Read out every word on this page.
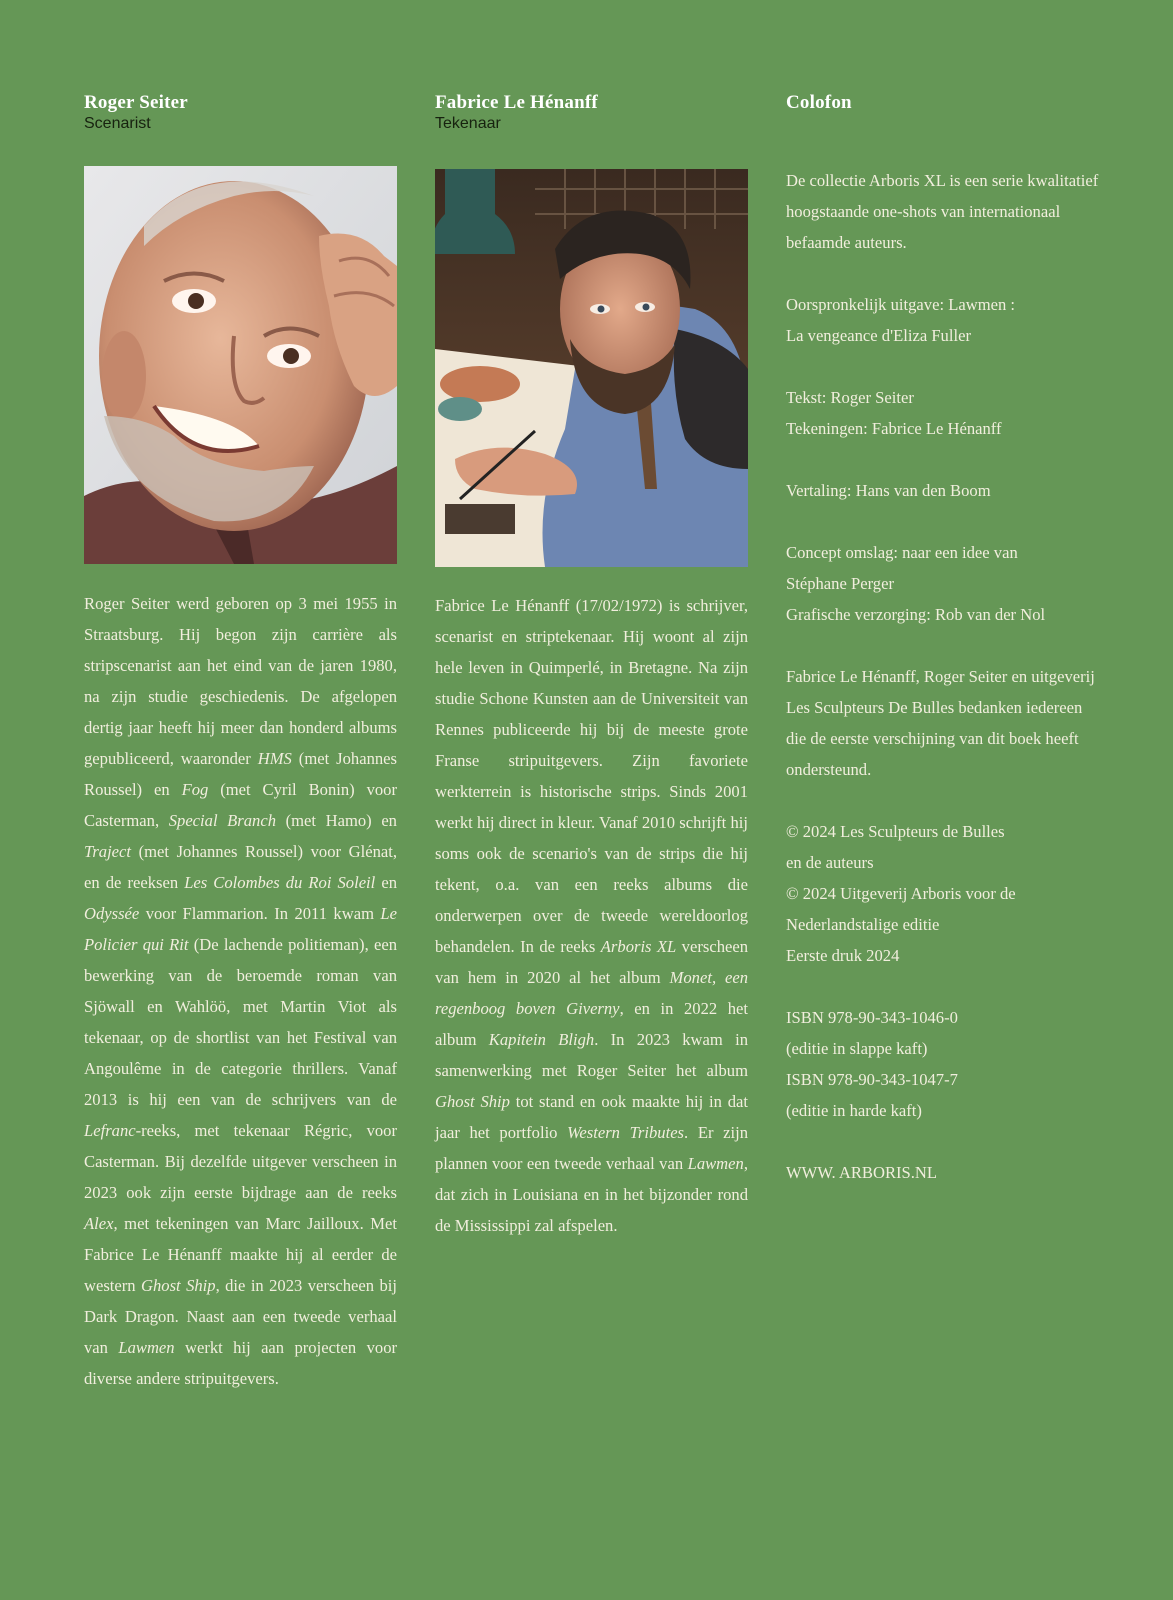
Roger Seiter

Scenarist

Roger Seiter werd geboren op 3 mei 1955 in Straatsburg. Hij begon zijn carrière als stripscenarist aan het eind van de jaren 1980, na zijn studie geschiedenis. De afgelopen dertig jaar heeft hij meer dan honderd albums gepubliceerd, waaronder HMS (met Johannes Roussel) en Fog (met Cyril Bonin) voor Casterman, Special Branch (met Hamo) en Traject (met Johannes Roussel) voor Glénat, en de reeksen Les Colombes du Roi Soleil en Odyssée voor Flammarion. In 2011 kwam Le Policier qui Rit (De lachende politieman), een bewerking van de beroemde roman van Sjöwall en Wahlöö, met Martin Viot als tekenaar, op de shortlist van het Festival van Angoulême in de categorie thrillers. Vanaf 2013 is hij een van de schrijvers van de Lefranc-reeks, met tekenaar Régric, voor Casterman. Bij dezelfde uitgever verscheen in 2023 ook zijn eerste bijdrage aan de reeks Alex, met tekeningen van Marc Jailloux. Met Fabrice Le Hénanff maakte hij al eerder de western Ghost Ship, die in 2023 verscheen bij Dark Dragon. Naast aan een tweede verhaal van Lawmen werkt hij aan projecten voor diverse andere stripuitgevers.

Fabrice Le Hénanff

Tekenaar

Fabrice Le Hénanff (17/02/1972) is schrijver, scenarist en striptekenaar. Hij woont al zijn hele leven in Quimperlé, in Bretagne. Na zijn studie Schone Kunsten aan de Universiteit van Rennes publiceerde hij bij de meeste grote Franse stripuitgevers. Zijn favoriete werkterrein is historische strips. Sinds 2001 werkt hij direct in kleur. Vanaf 2010 schrijft hij soms ook de scenario's van de strips die hij tekent, o.a. van een reeks albums die onderwerpen over de tweede wereldoorlog behandelen. In de reeks Arboris XL verscheen van hem in 2020 al het album Monet, een regenboog boven Giverny, en in 2022 het album Kapitein Bligh. In 2023 kwam in samenwerking met Roger Seiter het album Ghost Ship tot stand en ook maakte hij in dat jaar het portfolio Western Tributes. Er zijn plannen voor een tweede verhaal van Lawmen, dat zich in Louisiana en in het bijzonder rond de Mississippi zal afspelen.

Colofon

De collectie Arboris XL is een serie kwalitatief hoogstaande one-shots van internationaal befaamde auteurs.

Oorspronkelijk uitgave: Lawmen :
La vengeance d'Eliza Fuller

Tekst: Roger Seiter
Tekeningen: Fabrice Le Hénanff

Vertaling: Hans van den Boom

Concept omslag: naar een idee van
Stéphane Perger
Grafische verzorging: Rob van der Nol

Fabrice Le Hénanff, Roger Seiter en uitgeverij Les Sculpteurs De Bulles bedanken iedereen die de eerste verschijning van dit boek heeft ondersteund.

© 2024 Les Sculpteurs de Bulles
en de auteurs
© 2024 Uitgeverij Arboris voor de
Nederlandstalige editie
Eerste druk 2024

ISBN 978-90-343-1046-0
(editie in slappe kaft)
ISBN 978-90-343-1047-7
(editie in harde kaft)

WWW. ARBORIS.NL
